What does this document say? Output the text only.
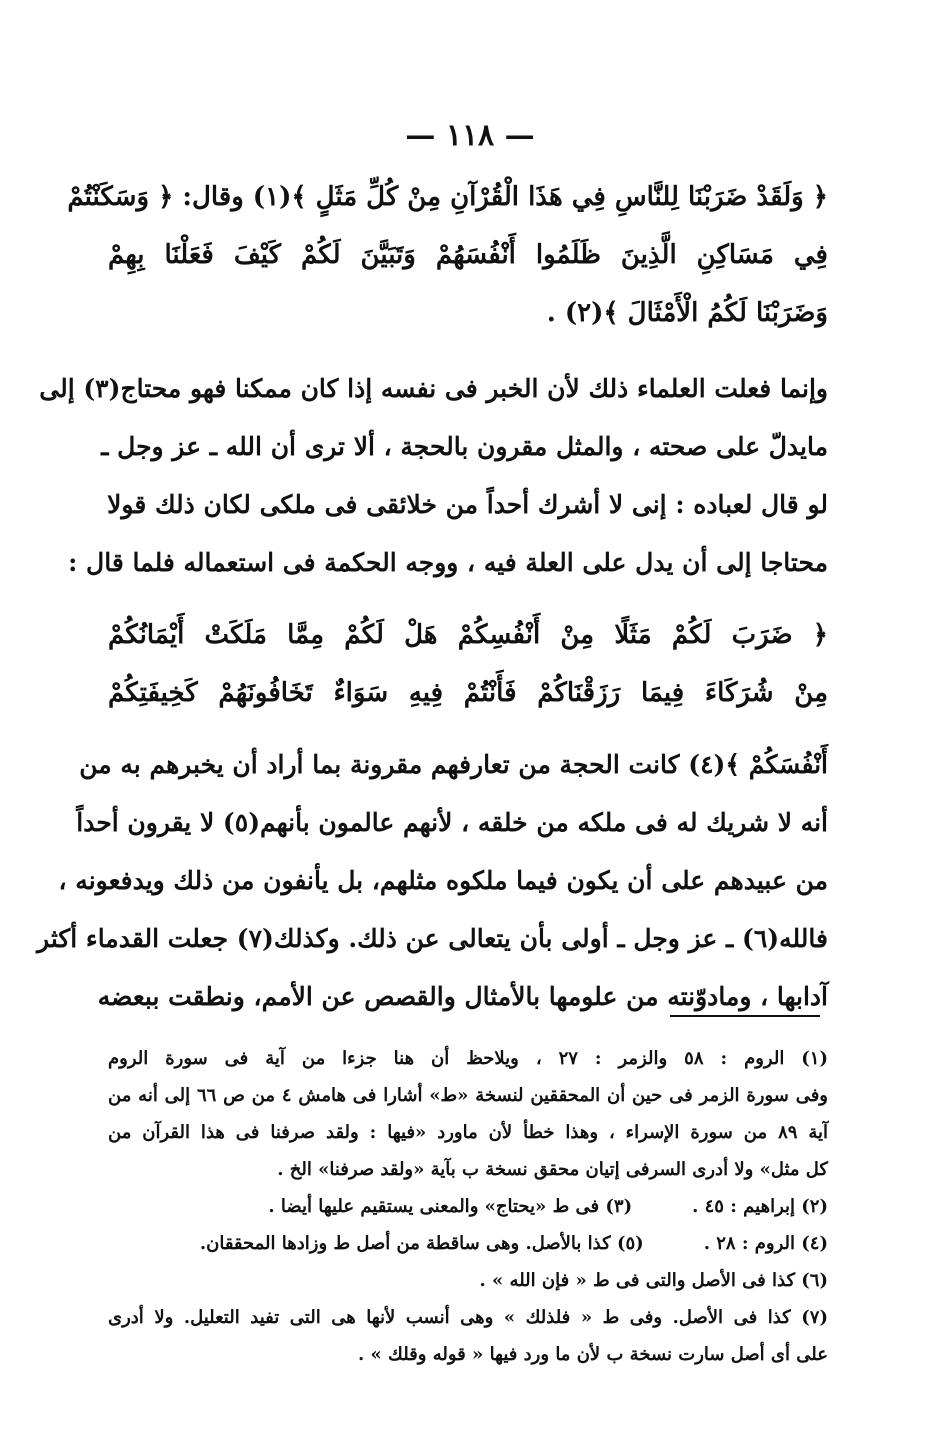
— ١١٨ —
﴿ وَلَقَدْ ضَرَبْنَا لِلنَّاسِ فِي هَذَا الْقُرْآنِ مِنْ كُلِّ مَثَلٍ ﴾(١) وقال: ﴿ وَسَكَنْتُمْ
فِي مَسَاكِنِ الَّذِينَ ظَلَمُوا أَنْفُسَهُمْ وَتَبَيَّنَ لَكُمْ كَيْفَ فَعَلْنَا بِهِمْ
وَضَرَبْنَا لَكُمُ الْأَمْثَالَ ﴾(٢) .
وإنما فعلت العلماء ذلك لأن الخبر فى نفسه إذا كان ممكنا فهو محتاج(٣) إلى
مايدلّ على صحته ، والمثل مقرون بالحجة ، ألا ترى أن الله ـ عز وجل ـ
لو قال لعباده : إنى لا أشرك أحداً من خلائقى فى ملكى لكان ذلك قولا
محتاجا إلى أن يدل على العلة فيه ، ووجه الحكمة فى استعماله فلما قال :
﴿ ضَرَبَ لَكُمْ مَثَلًا مِنْ أَنْفُسِكُمْ هَلْ لَكُمْ مِمَّا مَلَكَتْ أَيْمَانُكُمْ
مِنْ شُرَكَاءَ فِيمَا رَزَقْنَاكُمْ فَأَنْتُمْ فِيهِ سَوَاءٌ تَخَافُونَهُمْ كَخِيفَتِكُمْ
أَنْفُسَكُمْ ﴾(٤) كانت الحجة من تعارفهم مقرونة بما أراد أن يخبرهم به من
أنه لا شريك له فى ملكه من خلقه ، لأنهم عالمون بأنهم(٥) لا يقرون أحداً
من عبيدهم على أن يكون فيما ملكوه مثلهم، بل يأنفون من ذلك ويدفعونه ،
فالله(٦) ـ عز وجل ـ أولى بأن يتعالى عن ذلك. وكذلك(٧) جعلت القدماء أكثر
آدابها ، ومادوّنته من علومها بالأمثال والقصص عن الأمم، ونطقت ببعضه
(١) الروم : ٥٨ والزمر : ٢٧ ، ويلاحظ أن هنا جزءا من آية فى سورة الروم
وفى سورة الزمر فى حين أن المحققين لنسخة «ط» أشارا فى هامش ٤ من ص ٦٦ إلى أنه من
آية ٨٩ من سورة الإسراء ، وهذا خطأ لأن ماورد «فيها : ولقد صرفنا فى هذا القرآن من
كل مثل» ولا أدرى السرفى إتيان محقق نسخة ب بآية «ولقد صرفنا» الخ .
(٢) إبراهيم : ٤٥ .
(٣) فى ط «يحتاج» والمعنى يستقيم عليها أيضا .
(٤) الروم : ٢٨ .
(٥) كذا بالأصل. وهى ساقطة من أصل ط وزادها المحققان.
(٦) كذا فى الأصل والتى فى ط « فإن الله » .
(٧) كذا فى الأصل. وفى ط « فلذلك » وهى أنسب لأنها هى التى تفيد التعليل. ولا أدرى
على أى أصل سارت نسخة ب لأن ما ورد فيها « قوله وقلك » .
